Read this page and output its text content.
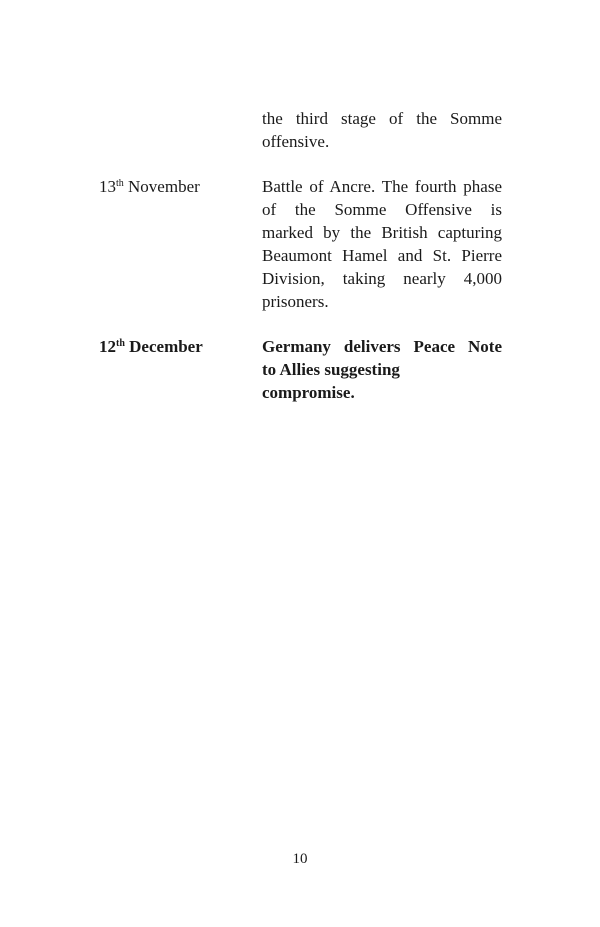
the third stage of the Somme
offensive.
13th November	Battle of Ancre. The fourth phase
of the Somme Offensive is
marked by the British capturing
Beaumont Hamel and St. Pierre
Division, taking nearly 4,000
prisoners.
12th December	Germany delivers Peace Note
to Allies suggesting
compromise.
10
